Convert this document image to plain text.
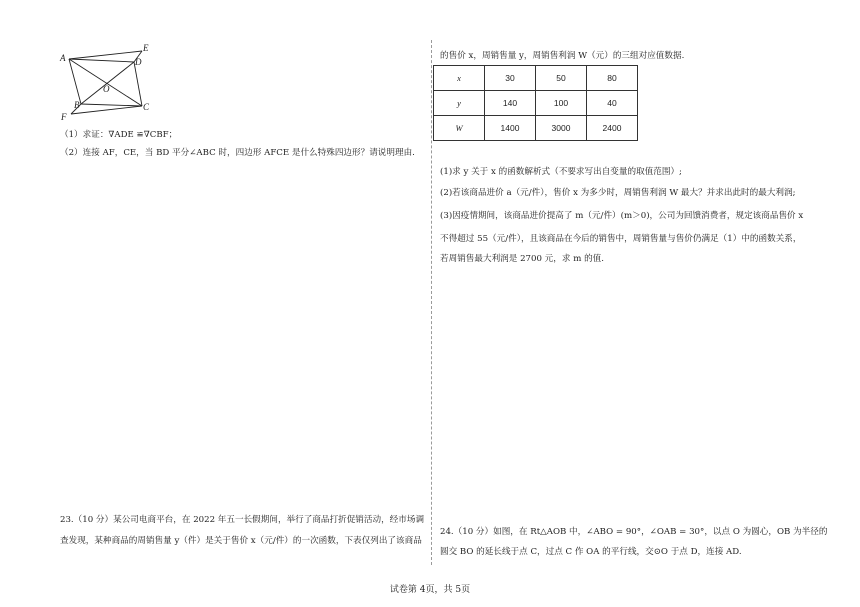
A
E
D
O
B	C
F
（1）求证：∇ADE ≌∇CBF；
（2）连接 AF，CE，当 BD 平分∠ABC 时，四边形 AFCE 是什么特殊四边形？请说明理由.
23.（10 分）某公司电商平台，在 2022 年五一长假期间，举行了商品打折促销活动，经市场调
查发现，某种商品的周销售量 y（件）是关于售价 x（元/件）的一次函数，下表仅列出了该商品
的售价 x，周销售量 y，周销售利润 W（元）的三组对应值数据.
x	30	50	80
y	140	100	40
W	1400	3000	2400
(1)求 y 关于 x 的函数解析式（不要求写出自变量的取值范围）;
(2)若该商品进价 a（元/件），售价 x 为多少时，周销售利润 W 最大？并求出此时的最大利润;
(3)因疫情期间，该商品进价提高了 m（元/件）(m＞0)，公司为回馈消费者，规定该商品售价 x
不得超过 55（元/件），且该商品在今后的销售中，周销售量与售价仍满足（1）中的函数关系，
若周销售最大利润是 2700 元，求 m 的值.
24.（10 分）如图，在 Rt△AOB 中，∠ABO = 90°，∠OAB = 30°，以点 O 为圆心，OB 为半径的
圆交 BO 的延长线于点 C，过点 C 作 OA 的平行线，交⊙O 于点 D，连接 AD.
试卷第 4页，共 5页
